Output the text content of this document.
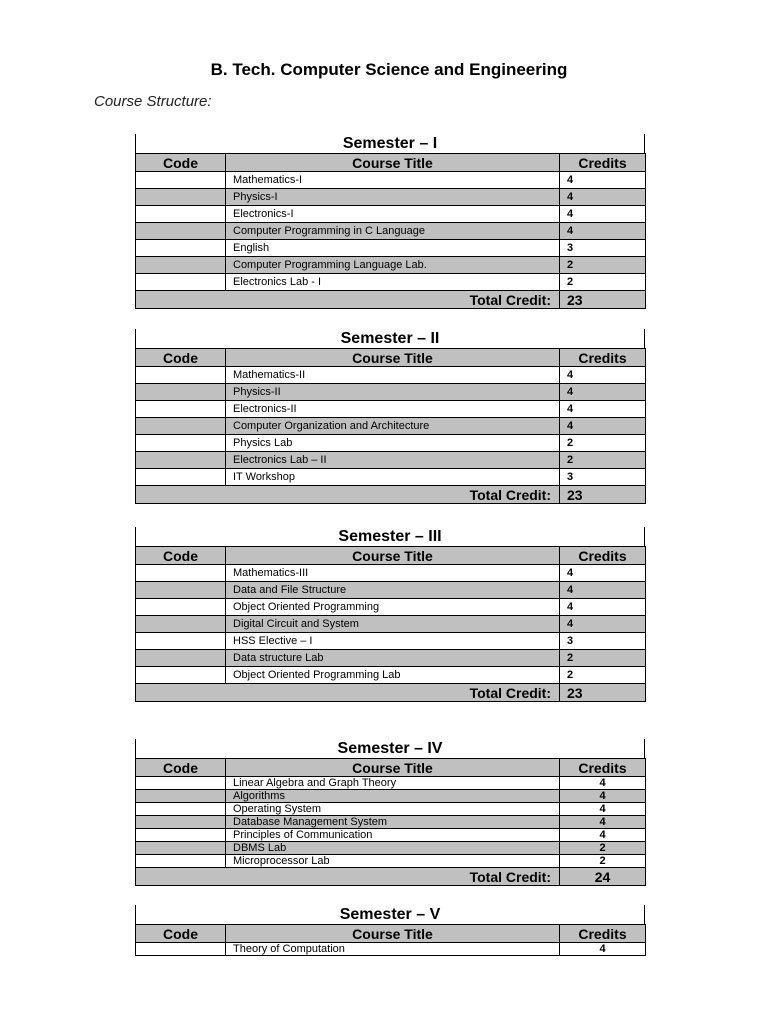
B. Tech. Computer Science and Engineering
Course Structure:
Semester – I
Code	Course Title	Credits
	Mathematics-I	4
	Physics-I	4
	Electronics-I	4
	Computer Programming in C Language	4
	English	3
	Computer Programming Language Lab.	2
	Electronics Lab - I	2
Total Credit:		23
Semester – II
Code	Course Title	Credits
	Mathematics-II	4
	Physics-II	4
	Electronics-II	4
	Computer Organization and Architecture	4
	Physics Lab	2
	Electronics Lab – II	2
	IT Workshop	3
Total Credit:		23
Semester – III
Code	Course Title	Credits
	Mathematics-III	4
	Data and File Structure	4
	Object Oriented Programming	4
	Digital Circuit and System	4
	HSS Elective – I	3
	Data structure Lab	2
	Object Oriented Programming Lab	2
Total Credit:		23
Semester – IV
Code	Course Title	Credits
	Linear Algebra and Graph Theory	4
	Algorithms	4
	Operating System	4
	Database Management System	4
	Principles of Communication	4
	DBMS Lab	2
	Microprocessor Lab	2
Total Credit:		24
Semester – V
Code	Course Title	Credits
	Theory of Computation	4
